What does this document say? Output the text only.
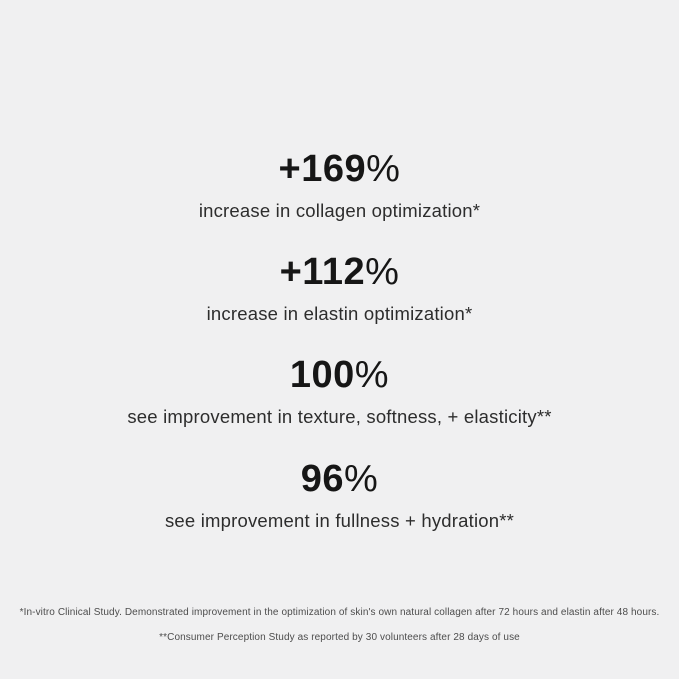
+169%
increase in collagen optimization*
+112%
increase in elastin optimization*
100%
see improvement in texture, softness, + elasticity**
96%
see improvement in fullness + hydration**

*In-vitro Clinical Study. Demonstrated improvement in the optimization of skin's own natural collagen after 72 hours and elastin after 48 hours.

**Consumer Perception Study as reported by 30 volunteers after 28 days of use
